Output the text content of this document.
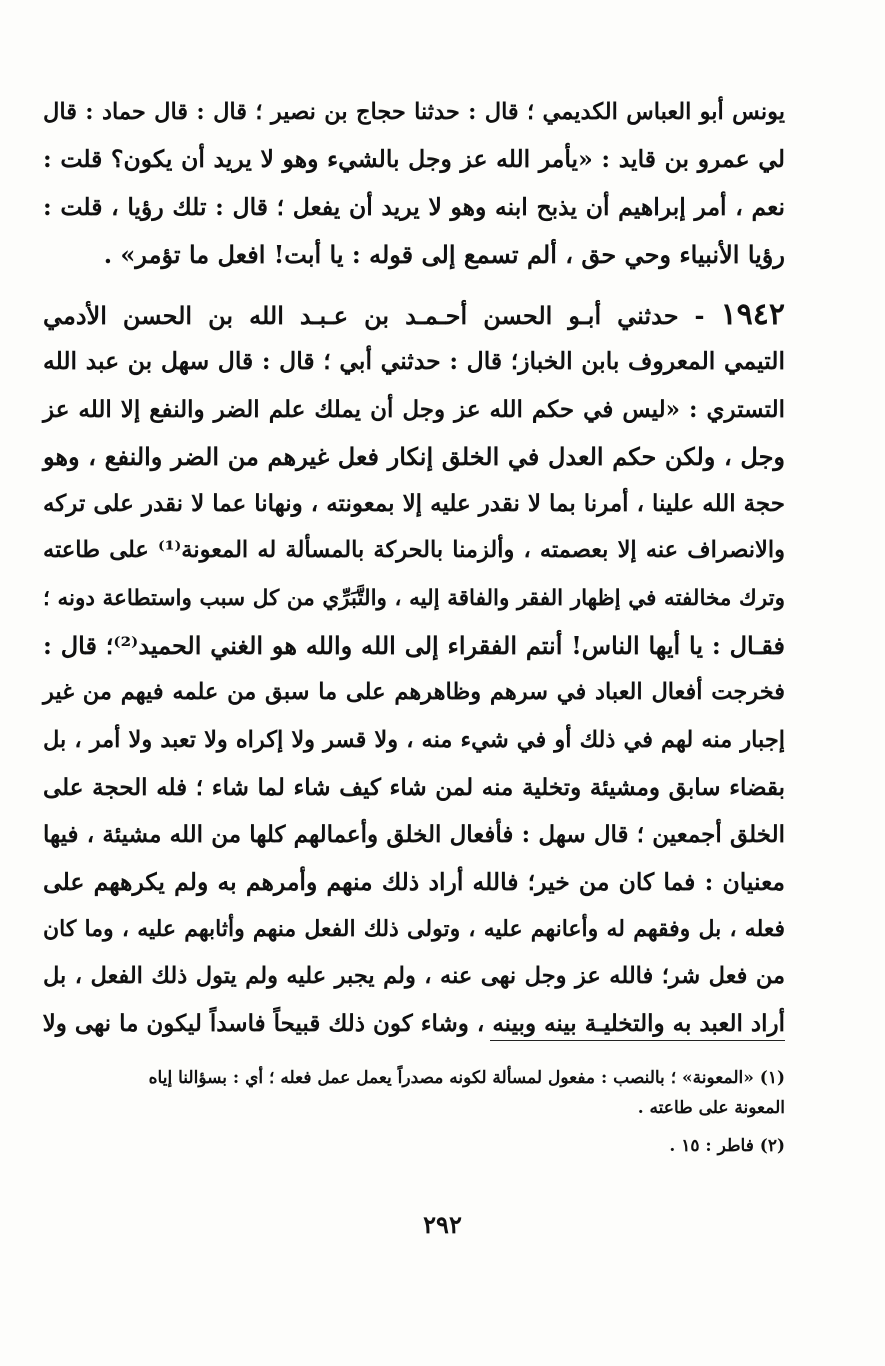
يونس أبو العباس الكديمي ؛ قال : حدثنا حجاج بن نصير ؛ قال : قال حماد : قال
لي عمرو بن قايد : «يأمر الله عز وجل بالشيء وهو لا يريد أن يكون؟ قلت :
نعم ، أمر إبراهيم أن يذبح ابنه وهو لا يريد أن يفعل ؛ قال : تلك رؤيا ، قلت :
رؤيا الأنبياء وحي حق ، ألم تسمع إلى قوله : يا أبت! افعل ما تؤمر» .
١٩٤٢ - حدثني أبـو الحسن أحـمـد بن عـبـد الله بن الحسن الأدمي
التيمي المعروف بابن الخباز؛ قال : حدثني أبي ؛ قال : قال سهل بن عبد الله
التستري : «ليس في حكم الله عز وجل أن يملك علم الضر والنفع إلا الله عز
وجل ، ولكن حكم العدل في الخلق إنكار فعل غيرهم من الضر والنفع ، وهو
حجة الله علينا ، أمرنا بما لا نقدر عليه إلا بمعونته ، ونهانا عما لا نقدر على تركه
والانصراف عنه إلا بعصمته ، وألزمنا بالحركة بالمسألة له المعونة⁽¹⁾ على طاعته
وترك مخالفته في إظهار الفقر والفاقة إليه ، والتَّبَرِّي من كل سبب واستطاعة دونه ؛
فقـال : يا أيها الناس! أنتم الفقراء إلى الله والله هو الغني الحميد⁽²⁾؛ قال :
فخرجت أفعال العباد في سرهم وظاهرهم على ما سبق من علمه فيهم من غير
إجبار منه لهم في ذلك أو في شيء منه ، ولا قسر ولا إكراه ولا تعبد ولا أمر ، بل
بقضاء سابق ومشيئة وتخلية منه لمن شاء كيف شاء لما شاء ؛ فله الحجة على
الخلق أجمعين ؛ قال سهل : فأفعال الخلق وأعمالهم كلها من الله مشيئة ، فيها
معنيان : فما كان من خير؛ فالله أراد ذلك منهم وأمرهم به ولم يكرههم على
فعله ، بل وفقهم له وأعانهم عليه ، وتولى ذلك الفعل منهم وأثابهم عليه ، وما كان
من فعل شر؛ فالله عز وجل نهى عنه ، ولم يجبر عليه ولم يتول ذلك الفعل ، بل
أراد العبد به والتخليـة بينه وبينه ، وشاء كون ذلك قبيحاً فاسداً ليكون ما نهى ولا
(١) «المعونة» ؛ بالنصب : مفعول لمسألة لكونه مصدراً يعمل عمل فعله ؛ أي : بسؤالنا إياه
المعونة على طاعته .
(٢) فاطر : ١٥ .
٢٩٢
